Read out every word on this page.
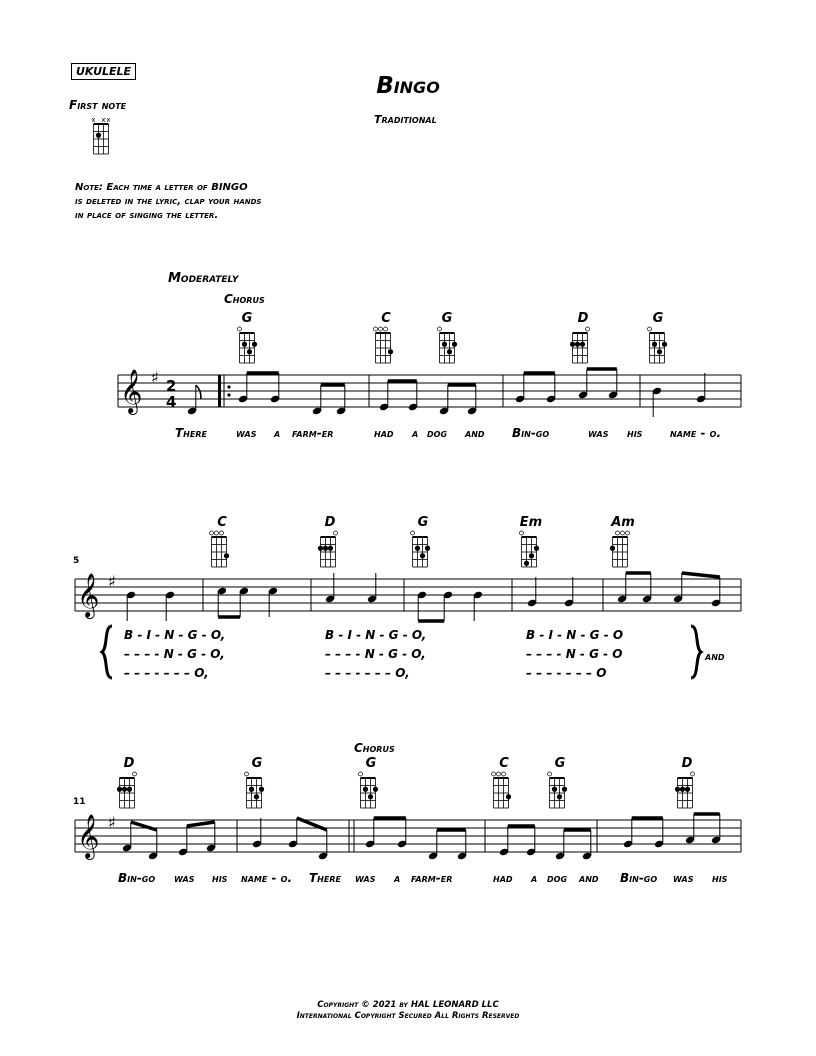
UKULELE
First note
Bingo
Traditional
Note: Each time a letter of BINGO
is deleted in the lyric, clap your hands
in place of singing the letter.
Moderately
Chorus
Chorus
𝄞 ♯
𝄞 ♯
𝄞 ♯
2
4
x x x
5
11
G	C	G	D	G
C	D	G	Em	Am
D	G	G	C	G	D
There was a farm-er	had a dog and Bin-go	was his name - o.
B - I - N - G - O,	B - I - N - G - O,	B - I - N - G - O
– – – - N - G - O,	– – – - N - G - O,	– – – - N - G - O
– – – - – – – O,	– – – - – – – O,	– – – - – – – O
and
Bin-go was his name - o. There was a farm-er	had a dog and Bin-go was his
Copyright © 2021 by HAL LEONARD LLC
International Copyright Secured All Rights Reserved
